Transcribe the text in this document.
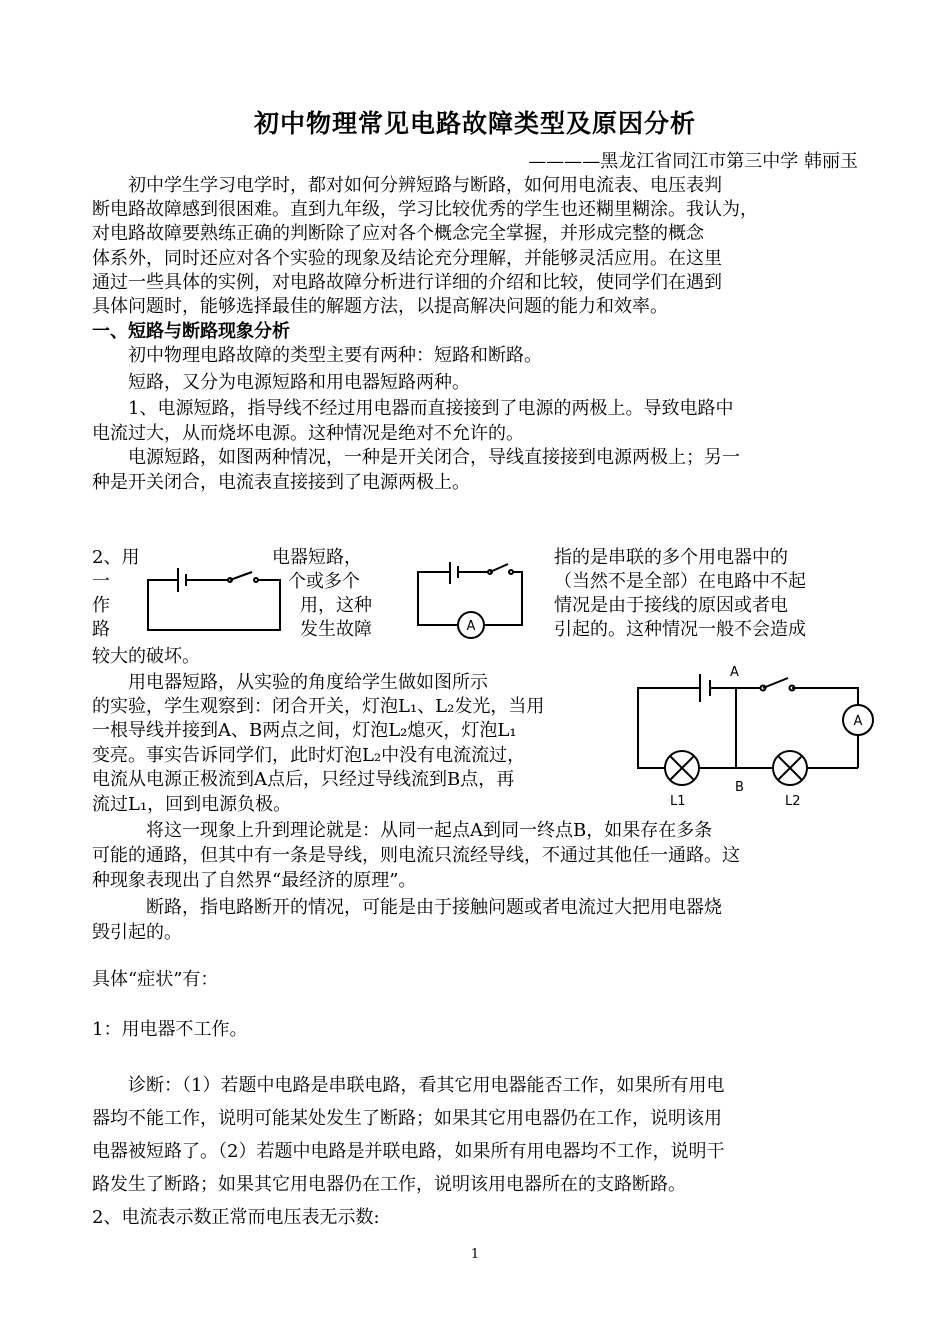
初中物理常见电路故障类型及原因分析
————黑龙江省同江市第三中学 韩丽玉
　　初中学生学习电学时，都对如何分辨短路与断路，如何用电流表、电压表判
断电路故障感到很困难。直到九年级，学习比较优秀的学生也还糊里糊涂。我认为，
对电路故障要熟练正确的判断除了应对各个概念完全掌握，并形成完整的概念
体系外，同时还应对各个实验的现象及结论充分理解，并能够灵活应用。在这里
通过一些具体的实例，对电路故障分析进行详细的介绍和比较，使同学们在遇到
具体问题时，能够选择最佳的解题方法，以提高解决问题的能力和效率。
一、短路与断路现象分析
　　初中物理电路故障的类型主要有两种：短路和断路。
　　短路，又分为电源短路和用电器短路两种。
　　1、电源短路，指导线不经过用电器而直接接到了电源的两极上。导致电路中
电流过大，从而烧坏电源。这种情况是绝对不允许的。
　　电源短路，如图两种情况，一种是开关闭合，导线直接接到电源两极上；另一
种是开关闭合，电流表直接接到了电源两极上。
2、用
一
作
路
电器短路，
个或多个
用，这种
发生故障
指的是串联的多个用电器中的
（当然不是全部）在电路中不起
情况是由于接线的原因或者电
引起的。这种情况一般不会造成
较大的破坏。
A
　　用电器短路，从实验的角度给学生做如图所示
的实验，学生观察到：闭合开关，灯泡L₁、L₂发光，当用
一根导线并接到A、B两点之间，灯泡L₂熄灭，灯泡L₁
变亮。事实告诉同学们，此时灯泡L₂中没有电流流过，
电流从电源正极流到A点后，只经过导线流到B点，再
流过L₁，回到电源负极。
A
A
B
L1	L2
　　　将这一现象上升到理论就是：从同一起点A到同一终点B，如果存在多条
可能的通路，但其中有一条是导线，则电流只流经导线，不通过其他任一通路。这
种现象表现出了自然界“最经济的原理”。
　　　断路，指电路断开的情况，可能是由于接触问题或者电流过大把用电器烧
毁引起的。
具体“症状”有：
1：用电器不工作。
　　诊断：（1）若题中电路是串联电路，看其它用电器能否工作，如果所有用电
器均不能工作，说明可能某处发生了断路；如果其它用电器仍在工作，说明该用
电器被短路了。（2）若题中电路是并联电路，如果所有用电器均不工作，说明干
路发生了断路；如果其它用电器仍在工作，说明该用电器所在的支路断路。
2、电流表示数正常而电压表无示数:
1
